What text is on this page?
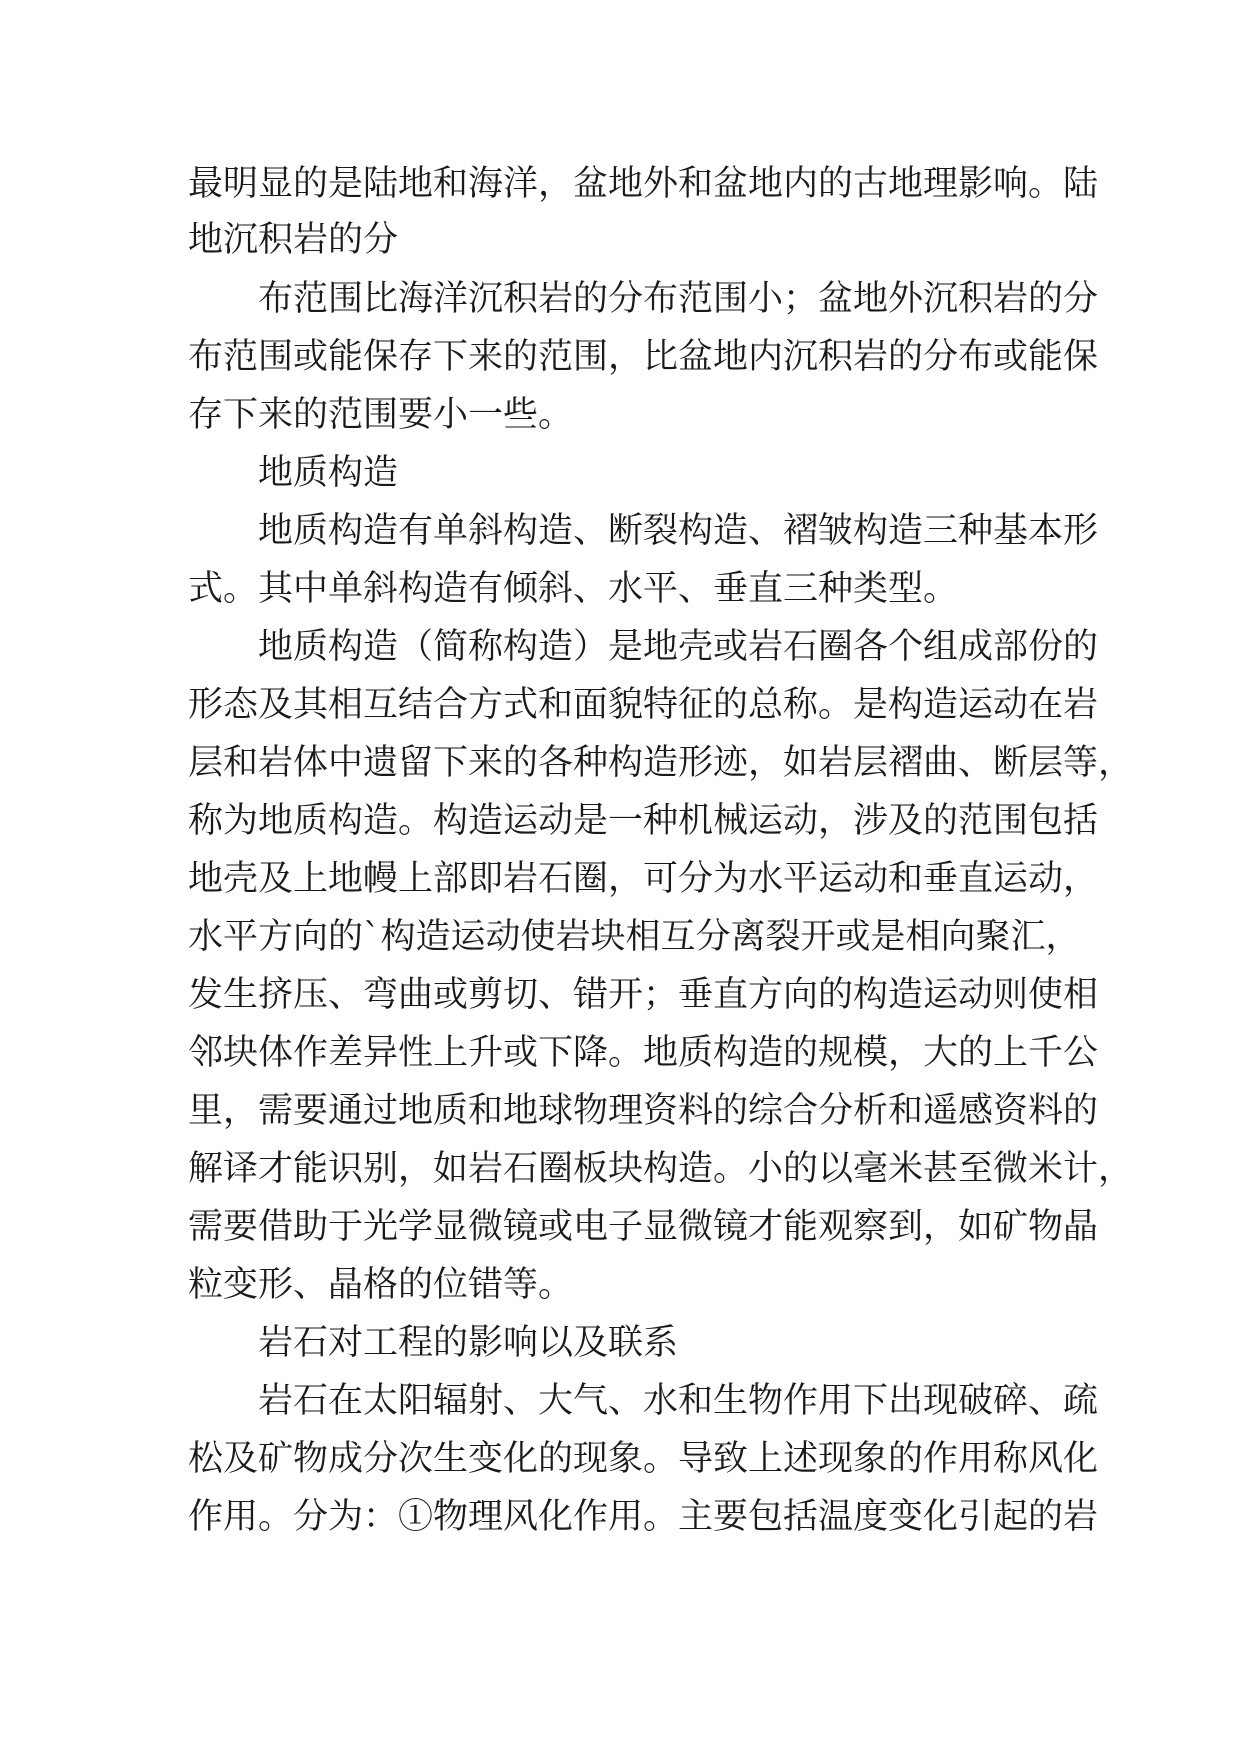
最明显的是陆地和海洋，盆地外和盆地内的古地理影响。陆

地沉积岩的分

布范围比海洋沉积岩的分布范围小；盆地外沉积岩的分

布范围或能保存下来的范围，比盆地内沉积岩的分布或能保

存下来的范围要小一些。

地质构造

地质构造有单斜构造、断裂构造、褶皱构造三种基本形

式。其中单斜构造有倾斜、水平、垂直三种类型。

地质构造（简称构造）是地壳或岩石圈各个组成部份的

形态及其相互结合方式和面貌特征的总称。是构造运动在岩

层和岩体中遗留下来的各种构造形迹，如岩层褶曲、断层等，

称为地质构造。构造运动是一种机械运动，涉及的范围包括

地壳及上地幔上部即岩石圈，可分为水平运动和垂直运动，

水平方向的`构造运动使岩块相互分离裂开或是相向聚汇，

发生挤压、弯曲或剪切、错开；垂直方向的构造运动则使相

邻块体作差异性上升或下降。地质构造的规模，大的上千公

里，需要通过地质和地球物理资料的综合分析和遥感资料的

解译才能识别，如岩石圈板块构造。小的以毫米甚至微米计，

需要借助于光学显微镜或电子显微镜才能观察到，如矿物晶

粒变形、晶格的位错等。

岩石对工程的影响以及联系

岩石在太阳辐射、大气、水和生物作用下出现破碎、疏

松及矿物成分次生变化的现象。导致上述现象的作用称风化

作用。分为：①物理风化作用。主要包括温度变化引起的岩
